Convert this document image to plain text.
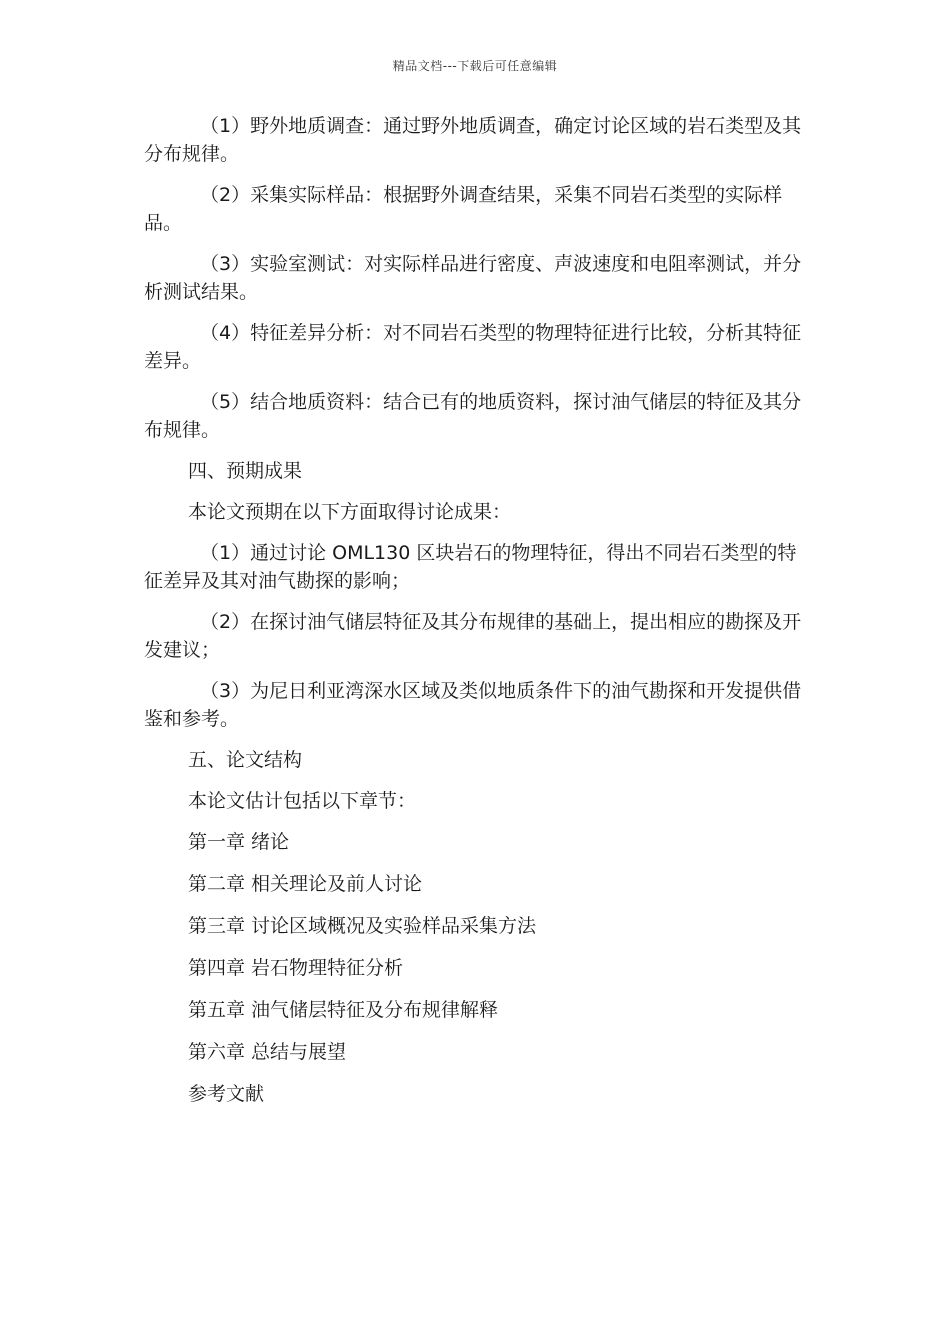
精品文档---下载后可任意编辑

（1）野外地质调查：通过野外地质调查，确定讨论区域的岩石类型及其分布规律。

（2）采集实际样品：根据野外调查结果，采集不同岩石类型的实际样品。

（3）实验室测试：对实际样品进行密度、声波速度和电阻率测试，并分析测试结果。

（4）特征差异分析：对不同岩石类型的物理特征进行比较，分析其特征差异。

（5）结合地质资料：结合已有的地质资料，探讨油气储层的特征及其分布规律。

四、预期成果

本论文预期在以下方面取得讨论成果：

（1）通过讨论 OML130 区块岩石的物理特征，得出不同岩石类型的特征差异及其对油气勘探的影响；

（2）在探讨油气储层特征及其分布规律的基础上，提出相应的勘探及开发建议；

（3）为尼日利亚湾深水区域及类似地质条件下的油气勘探和开发提供借鉴和参考。

五、论文结构

本论文估计包括以下章节：

第一章 绪论

第二章 相关理论及前人讨论

第三章 讨论区域概况及实验样品采集方法

第四章 岩石物理特征分析

第五章 油气储层特征及分布规律解释

第六章 总结与展望

参考文献
